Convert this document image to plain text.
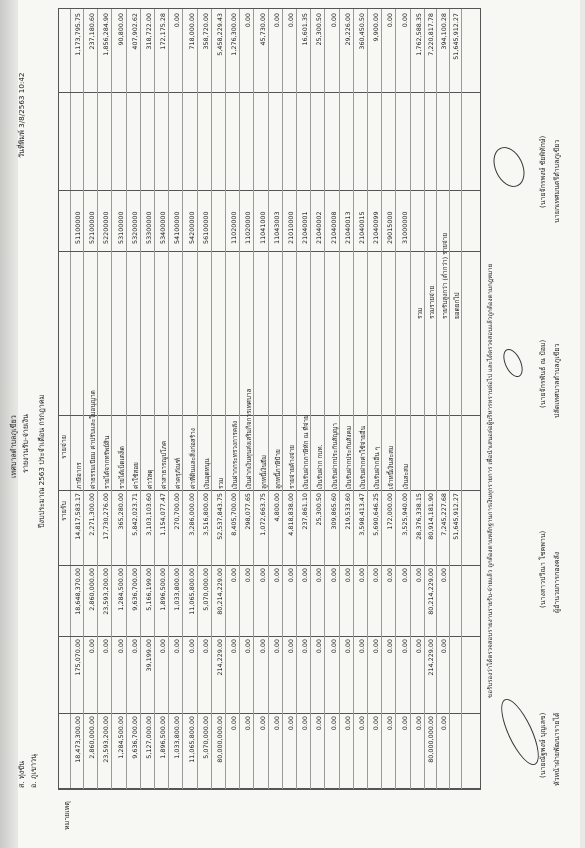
ส. ทุ่งขัน อ. ภูเขาวนุ
เทศบาลตำบลภูเขียว รายงานรับ-จ่ายเงิน ปีงบประมาณ 2563 ประจำเดือน กรกฎาคม
วันที่พิมพ์ 3/8/2563 10:42
รายรับ
รายจ่าย
18,473,300.00
175,070.00
18,648,370.00
14,817,583.17
ภาษีอากร
51100000
1,173,795.75
2,860,000.00
0.00
2,860,000.00
2,271,300.00
ค่าธรรมเนียม ค่าปรับและใบอนุญาต
52100000
237,180.60
23,593,200.00
0.00
23,593,200.00
17,730,276.00
รายได้จากทรัพย์สิน
52200000
1,856,284.90
1,284,500.00
0.00
1,284,500.00
365,280.00
รายได้เบ็ดเตล็ด
53100000
90,800.00
9,636,700.00
0.00
9,636,700.00
5,842,023.71
ค่าใช้สอย
53200000
407,902.62
5,127,000.00
39,199.00
5,166,199.00
3,103,103.60
ค่าวัสดุ
53300000
318,722.00
1,896,500.00
0.00
1,896,500.00
1,154,077.47
ค่าสาธารณูปโภค
53400000
172,175.28
1,033,800.00
0.00
1,033,800.00
270,700.00
ค่าครุภัณฑ์
54100000
0.00
11,065,800.00
0.00
11,065,800.00
3,286,000.00
ค่าที่ดินและสิ่งก่อสร้าง
54200000
718,000.00
5,070,000.00
0.00
5,070,000.00
3,516,800.00
เงินอุดหนุน
56100000
358,720.00
80,000,000.00
214,229.00
80,214,229.00
52,537,843.75
รวม
5,458,229.43
0.00
0.00
0.00
8,405,700.00
เงินฝากกระทรวงการคลัง
11020000
1,276,300.00
0.00
0.00
0.00
298,077.65
เงินฝากเงินทุนส่งเสริมกิจการเทศบาล
11020000
0.00
0.00
0.00
0.00
1,072,663.75
ลูกหนี้เงินยืม
11041000
45,730.00
0.00
0.00
0.00
4,800.00
ลูกหนี้ภาษีป้าย
11043003
0.00
0.00
0.00
0.00
4,818,838.00
รายจ่ายค้างจ่าย
21010000
0.00
0.00
0.00
0.00
237,861.10
เงินรับฝากภาษีหัก ณ ที่จ่าย
21040001
16,601.35
0.00
0.00
0.00
25,300.50
เงินรับฝาก กบท.
21040002
25,300.50
0.00
0.00
0.00
309,865.60
เงินรับฝากประกันสัญญา
21040008
0.00
0.00
0.00
0.00
219,533.60
เงินรับฝากประกันสังคม
21040013
29,226.00
0.00
0.00
0.00
3,598,413.47
เงินรับฝากค่าใช้จ่ายอื่น
21040015
360,450.50
0.00
0.00
0.00
5,690,646.25
เงินรับฝากอื่น ๆ
21040099
9,900.00
0.00
0.00
0.00
172,000.00
เจ้าหนี้เงินสะสม
29015000
0.00
0.00
0.00
0.00
3,525,940.00
เงินสะสม
31000000
0.00
0.00
0.00
0.00
28,376,338.15
รวม
1,762,588.35
80,000,000.00
214,229.00
80,214,229.00
80,914,181.90
รวมรายจ่าย
7,220,817.78
0.00
0.00
0.00
7,245,227.68
รายรับสูงกว่า (ต่ำกว่า) รายจ่าย
394,100.28
51,645,912.27
ยอดยกไป
51,645,912.27
หมายเหตุ
ขอรับรองว่าได้ตรวจสอบรายงานรายรับ-จ่ายแล้ว ถูกต้องตามหลักฐานการเงินทุกรายการ เพื่อนำเสนอต่อผู้บริหารทราบต่อไป และได้ตรวจสอบแล้วถูกต้องตามกฎหมาย
(นายณัฐพงษ์ บุญเลข) หัวหน้าฝ่ายพัฒนารายได้
(นางสาวปวีณา โชคพาน) ผู้อำนวยการกองคลัง
(นายจักรพันธ์ ณ ป้อม) ปลัดเทศบาลตำบลภูเขียว
(นายจักรพงษ์ ชัยพิทักษ์) นายกเทศมนตรีตำบลภูเขียว
